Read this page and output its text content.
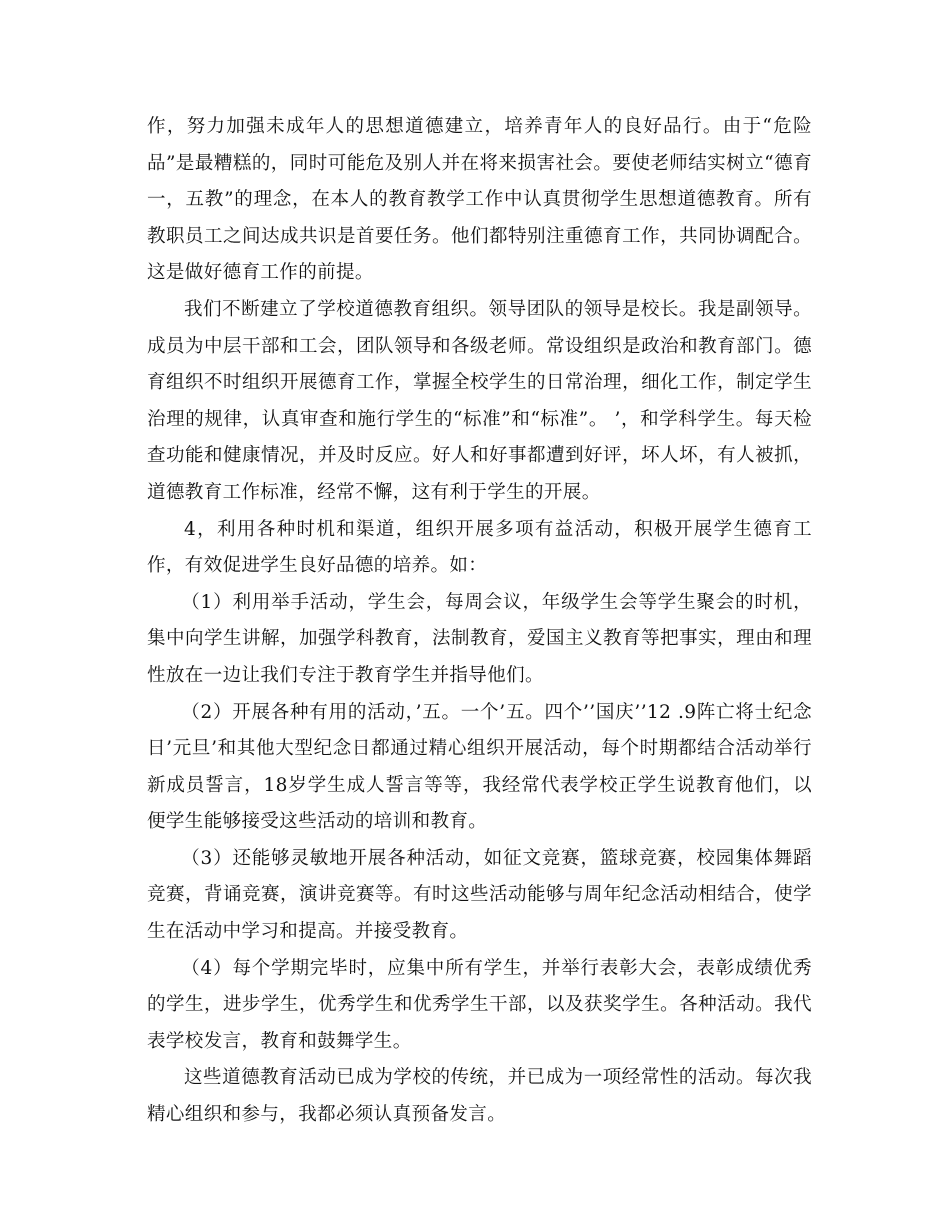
作，努力加强未成年人的思想道德建立，培养青年人的良好品行。由于“危险品”是最糟糕的，同时可能危及别人并在将来损害社会。要使老师结实树立“德育一，五教”的理念，在本人的教育教学工作中认真贯彻学生思想道德教育。所有教职员工之间达成共识是首要任务。他们都特别注重德育工作，共同协调配合。这是做好德育工作的前提。

我们不断建立了学校道德教育组织。领导团队的领导是校长。我是副领导。成员为中层干部和工会，团队领导和各级老师。常设组织是政治和教育部门。德育组织不时组织开展德育工作，掌握全校学生的日常治理，细化工作，制定学生治理的规律，认真审查和施行学生的“标准”和“标准”。 ’，和学科学生。每天检查功能和健康情况，并及时反应。好人和好事都遭到好评，坏人坏，有人被抓，道德教育工作标准，经常不懈，这有利于学生的开展。

4，利用各种时机和渠道，组织开展多项有益活动，积极开展学生德育工作，有效促进学生良好品德的培养。如：

（1）利用举手活动，学生会，每周会议，年级学生会等学生聚会的时机，集中向学生讲解，加强学科教育，法制教育，爱国主义教育等把事实，理由和理性放在一边让我们专注于教育学生并指导他们。

（2）开展各种有用的活动，’五。一个’五。四个’’国庆’’12 .9阵亡将士纪念日’元旦’和其他大型纪念日都通过精心组织开展活动，每个时期都结合活动举行新成员誓言，18岁学生成人誓言等等，我经常代表学校正学生说教育他们，以便学生能够接受这些活动的培训和教育。

（3）还能够灵敏地开展各种活动，如征文竞赛，篮球竞赛，校园集体舞蹈竞赛，背诵竞赛，演讲竞赛等。有时这些活动能够与周年纪念活动相结合，使学生在活动中学习和提高。并接受教育。

（4）每个学期完毕时，应集中所有学生，并举行表彰大会，表彰成绩优秀的学生，进步学生，优秀学生和优秀学生干部，以及获奖学生。各种活动。我代表学校发言，教育和鼓舞学生。

这些道德教育活动已成为学校的传统，并已成为一项经常性的活动。每次我精心组织和参与，我都必须认真预备发言。
